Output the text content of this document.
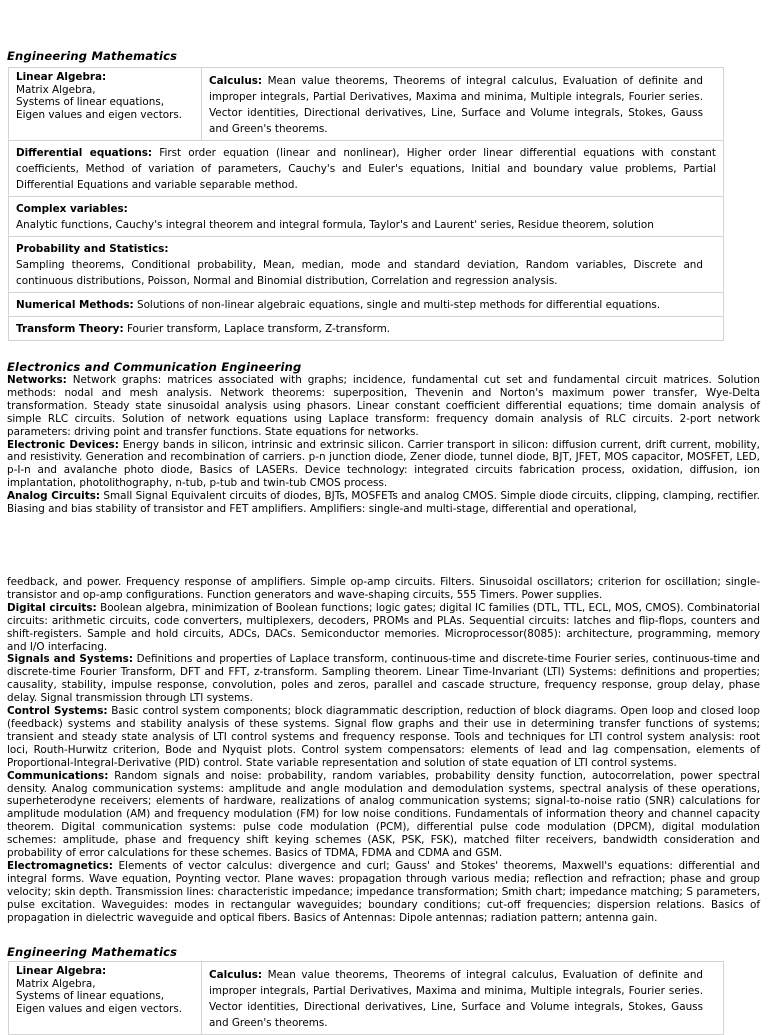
Engineering Mathematics
Linear Algebra:
Matrix Algebra,
Systems of linear equations,
Eigen values and eigen vectors.	Calculus: Mean value theorems, Theorems of integral calculus, Evaluation of definite and improper integrals, Partial Derivatives, Maxima and minima, Multiple integrals, Fourier series. Vector identities, Directional derivatives, Line, Surface and Volume integrals, Stokes, Gauss and Green's theorems.
Differential equations: First order equation (linear and nonlinear), Higher order linear differential equations with constant coefficients, Method of variation of parameters, Cauchy's and Euler's equations, Initial and boundary value problems, Partial Differential Equations and variable separable method.
Complex variables:
Analytic functions, Cauchy's integral theorem and integral formula, Taylor's and Laurent' series, Residue theorem, solution
Probability and Statistics:
Sampling theorems, Conditional probability, Mean, median, mode and standard deviation, Random variables, Discrete and continuous distributions, Poisson, Normal and Binomial distribution, Correlation and regression analysis.
Numerical Methods: Solutions of non-linear algebraic equations, single and multi-step methods for differential equations.
Transform Theory: Fourier transform, Laplace transform, Z-transform.
Electronics and Communication Engineering

Networks: Network graphs: matrices associated with graphs; incidence, fundamental cut set and fundamental circuit matrices. Solution methods: nodal and mesh analysis. Network theorems: superposition, Thevenin and Norton's maximum power transfer, Wye-Delta transformation. Steady state sinusoidal analysis using phasors. Linear constant coefficient differential equations; time domain analysis of simple RLC circuits. Solution of network equations using Laplace transform: frequency domain analysis of RLC circuits. 2-port network parameters: driving point and transfer functions. State equations for networks.

Electronic Devices: Energy bands in silicon, intrinsic and extrinsic silicon. Carrier transport in silicon: diffusion current, drift current, mobility, and resistivity. Generation and recombination of carriers. p-n junction diode, Zener diode, tunnel diode, BJT, JFET, MOS capacitor, MOSFET, LED, p-I-n and avalanche photo diode, Basics of LASERs. Device technology: integrated circuits fabrication process, oxidation, diffusion, ion implantation, photolithography, n-tub, p-tub and twin-tub CMOS process.

Analog Circuits: Small Signal Equivalent circuits of diodes, BJTs, MOSFETs and analog CMOS. Simple diode circuits, clipping, clamping, rectifier. Biasing and bias stability of transistor and FET amplifiers. Amplifiers: single-and multi-stage, differential and operational,

feedback, and power. Frequency response of amplifiers. Simple op-amp circuits. Filters. Sinusoidal oscillators; criterion for oscillation; single-transistor and op-amp configurations. Function generators and wave-shaping circuits, 555 Timers. Power supplies.

Digital circuits: Boolean algebra, minimization of Boolean functions; logic gates; digital IC families (DTL, TTL, ECL, MOS, CMOS). Combinatorial circuits: arithmetic circuits, code converters, multiplexers, decoders, PROMs and PLAs. Sequential circuits: latches and flip-flops, counters and shift-registers. Sample and hold circuits, ADCs, DACs. Semiconductor memories. Microprocessor(8085): architecture, programming, memory and I/O interfacing.

Signals and Systems: Definitions and properties of Laplace transform, continuous-time and discrete-time Fourier series, continuous-time and discrete-time Fourier Transform, DFT and FFT, z-transform. Sampling theorem. Linear Time-Invariant (LTI) Systems: definitions and properties; causality, stability, impulse response, convolution, poles and zeros, parallel and cascade structure, frequency response, group delay, phase delay. Signal transmission through LTI systems.

Control Systems: Basic control system components; block diagrammatic description, reduction of block diagrams. Open loop and closed loop (feedback) systems and stability analysis of these systems. Signal flow graphs and their use in determining transfer functions of systems; transient and steady state analysis of LTI control systems and frequency response. Tools and techniques for LTI control system analysis: root loci, Routh-Hurwitz criterion, Bode and Nyquist plots. Control system compensators: elements of lead and lag compensation, elements of Proportional-Integral-Derivative (PID) control. State variable representation and solution of state equation of LTI control systems.

Communications: Random signals and noise: probability, random variables, probability density function, autocorrelation, power spectral density. Analog communication systems: amplitude and angle modulation and demodulation systems, spectral analysis of these operations, superheterodyne receivers; elements of hardware, realizations of analog communication systems; signal-to-noise ratio (SNR) calculations for amplitude modulation (AM) and frequency modulation (FM) for low noise conditions. Fundamentals of information theory and channel capacity theorem. Digital communication systems: pulse code modulation (PCM), differential pulse code modulation (DPCM), digital modulation schemes: amplitude, phase and frequency shift keying schemes (ASK, PSK, FSK), matched filter receivers, bandwidth consideration and probability of error calculations for these schemes. Basics of TDMA, FDMA and CDMA and GSM.

Electromagnetics: Elements of vector calculus: divergence and curl; Gauss' and Stokes' theorems, Maxwell's equations: differential and integral forms. Wave equation, Poynting vector. Plane waves: propagation through various media; reflection and refraction; phase and group velocity; skin depth. Transmission lines: characteristic impedance; impedance transformation; Smith chart; impedance matching; S parameters, pulse excitation. Waveguides: modes in rectangular waveguides; boundary conditions; cut-off frequencies; dispersion relations. Basics of propagation in dielectric waveguide and optical fibers. Basics of Antennas: Dipole antennas; radiation pattern; antenna gain.

Engineering Mathematics
Linear Algebra:
Matrix Algebra,
Systems of linear equations,
Eigen values and eigen vectors.	Calculus: Mean value theorems, Theorems of integral calculus, Evaluation of definite and improper integrals, Partial Derivatives, Maxima and minima, Multiple integrals, Fourier series. Vector identities, Directional derivatives, Line, Surface and Volume integrals, Stokes, Gauss and Green's theorems.
